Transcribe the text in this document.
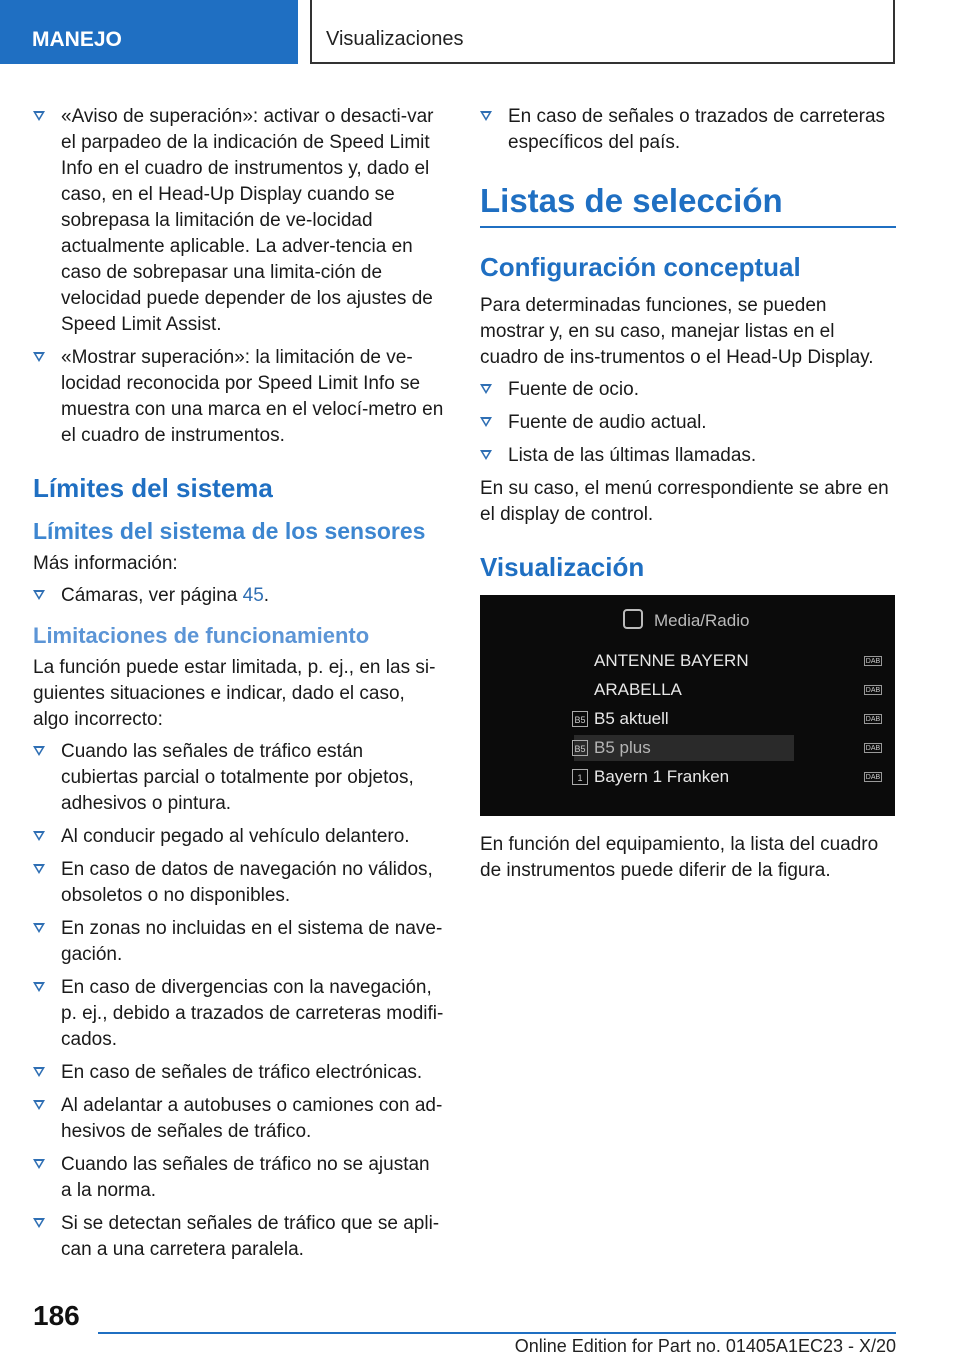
MANEJO	Visualizaciones
«Aviso de superación»: activar o desacti‐var el parpadeo de la indicación de Speed Limit Info en el cuadro de instrumentos y, dado el caso, en el Head-Up Display cuando se sobrepasa la limitación de ve‐locidad actualmente aplicable. La adver‐tencia en caso de sobrepasar una limita‐ción de velocidad puede depender de los ajustes de Speed Limit Assist.
«Mostrar superación»: la limitación de ve‐locidad reconocida por Speed Limit Info se muestra con una marca en el velocí‐metro en el cuadro de instrumentos.
Límites del sistema
Límites del sistema de los sensores

Más información:

Cámaras, ver página 45.
Limitaciones de funcionamiento

La función puede estar limitada, p. ej., en las si‐guientes situaciones e indicar, dado el caso, algo incorrecto:

Cuando las señales de tráfico están cubiertas parcial o totalmente por objetos, adhesivos o pintura.
Al conducir pegado al vehículo delantero.
En caso de datos de navegación no válidos, obsoletos o no disponibles.
En zonas no incluidas en el sistema de nave‐gación.
En caso de divergencias con la navegación, p. ej., debido a trazados de carreteras modifi‐cados.
En caso de señales de tráfico electrónicas.
Al adelantar a autobuses o camiones con ad‐hesivos de señales de tráfico.
Cuando las señales de tráfico no se ajustan a la norma.
Si se detectan señales de tráfico que se apli‐can a una carretera paralela.
En caso de señales o trazados de carreteras específicos del país.
Listas de selección
Configuración conceptual

Para determinadas funciones, se pueden mostrar y, en su caso, manejar listas en el cuadro de ins‐trumentos o el Head-Up Display.

Fuente de ocio.
Fuente de audio actual.
Lista de las últimas llamadas.

En su caso, el menú correspondiente se abre en el display de control.

Visualización
Media/Radio
ANTENNE BAYERN	DAB
ARABELLA	DAB
B5 B5 aktuell	DAB
B5 B5 plus	DAB
1 Bayern 1 Franken	DAB

En función del equipamiento, la lista del cuadro de instrumentos puede diferir de la figura.

186
Online Edition for Part no. 01405A1EC23 - X/20
